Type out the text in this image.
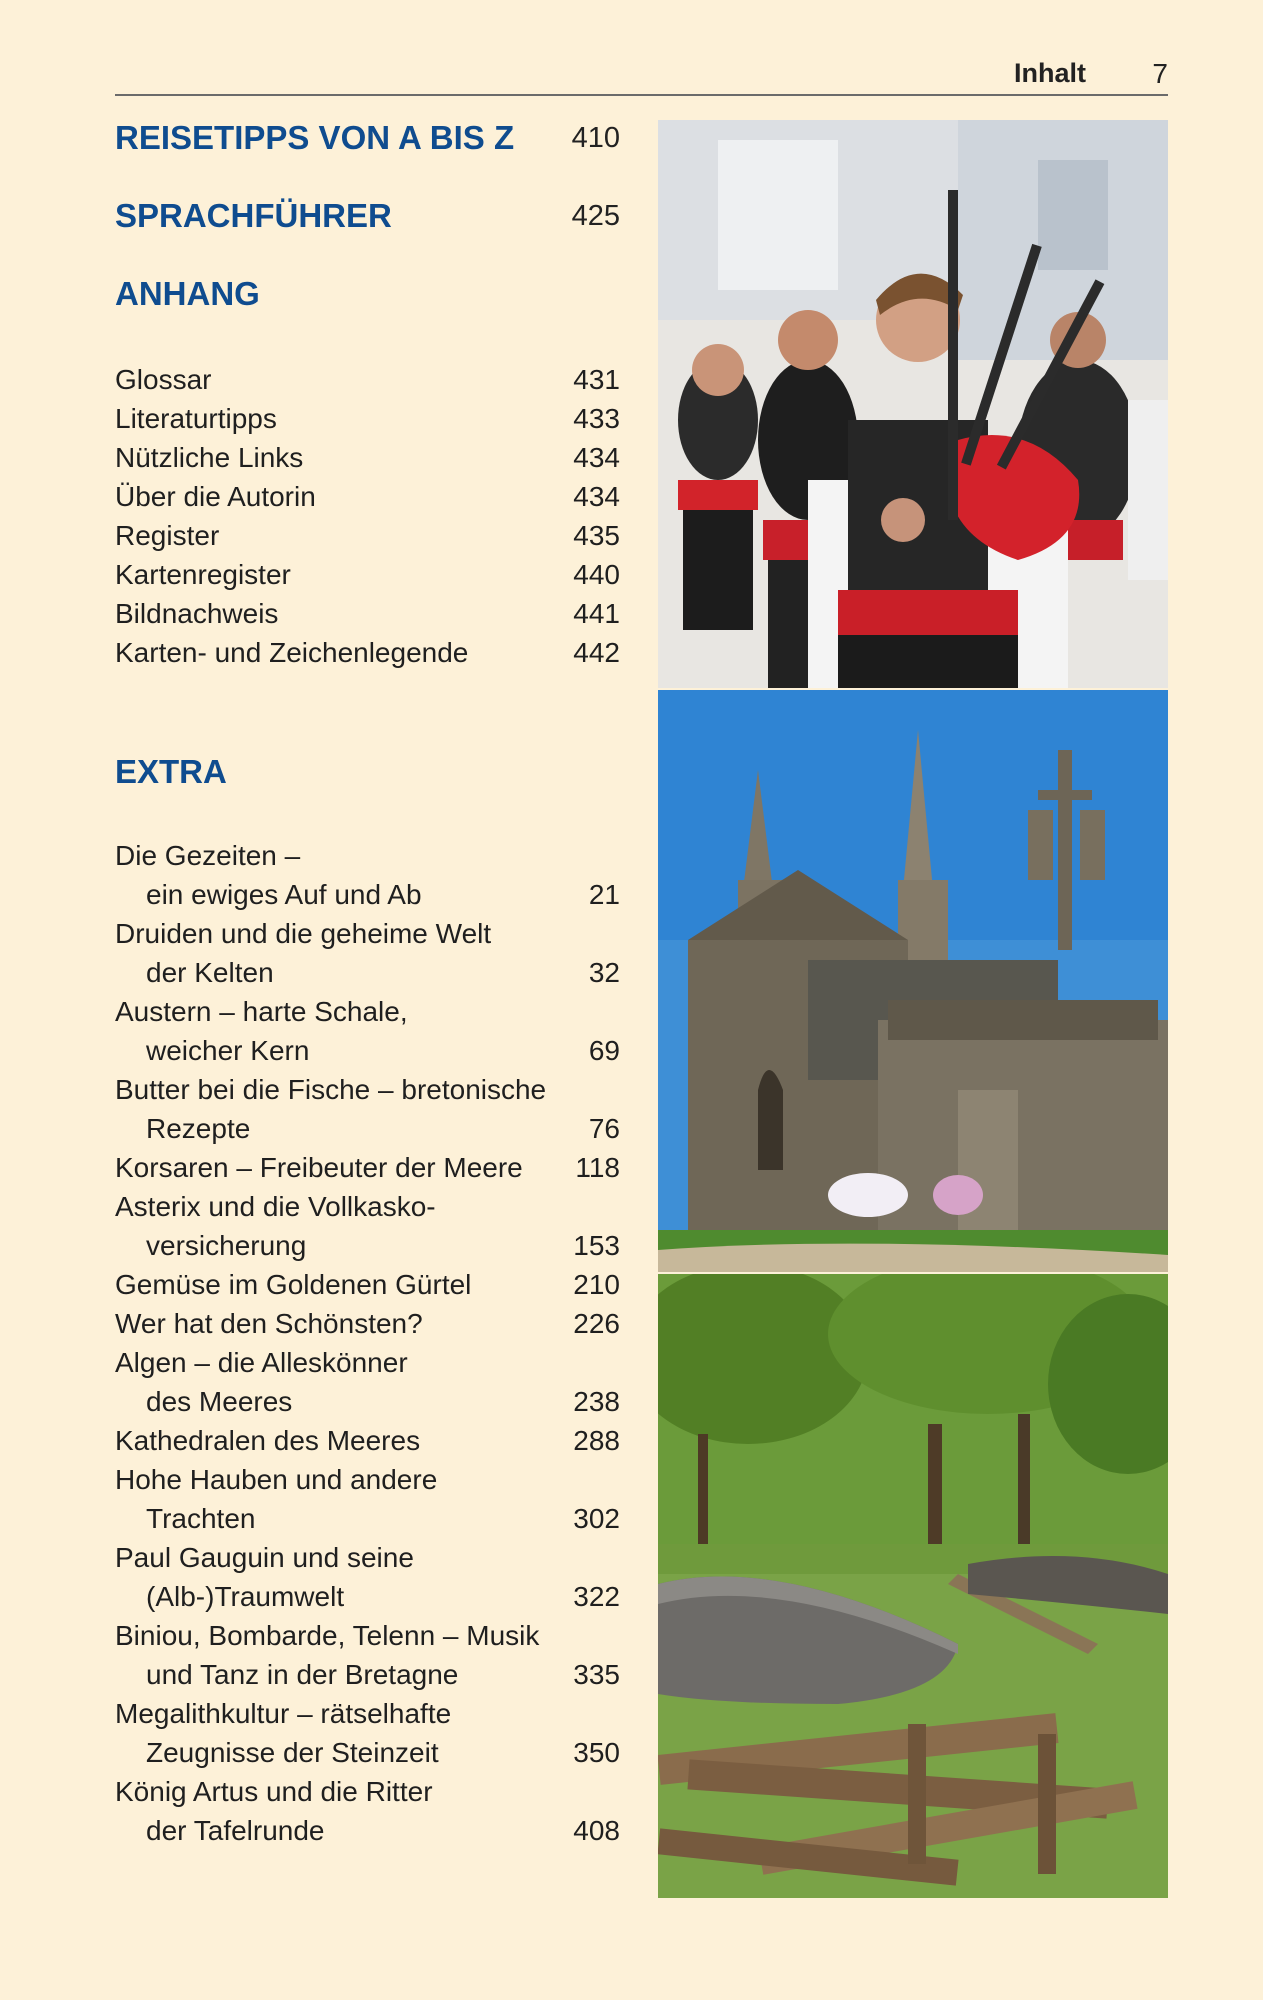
Inhalt 7
REISETIPPS VON A BIS Z 410
SPRACHFÜHRER	425
ANHANG
Glossar	431
Literaturtipps	433
Nützliche Links	434
Über die Autorin	434
Register	435
Kartenregister	440
Bildnachweis	441
Karten- und Zeichenlegende	442
EXTRA
Die Gezeiten –
ein ewiges Auf und Ab	21
Druiden und die geheime Welt
der Kelten	32
Austern – harte Schale,
weicher Kern	69
Butter bei die Fische – bretonische
Rezepte	76
Korsaren – Freibeuter der Meere 118
Asterix und die Vollkasko-
versicherung	153
Gemüse im Goldenen Gürtel	210
Wer hat den Schönsten?	226
Algen – die Alleskönner
des Meeres	238
Kathedralen des Meeres	288
Hohe Hauben und andere
Trachten	302
Paul Gauguin und seine
(Alb-)Traumwelt	322
Biniou, Bombarde, Telenn – Musik
und Tanz in der Bretagne	335
Megalithkultur – rätselhafte
Zeugnisse der Steinzeit	350
König Artus und die Ritter
der Tafelrunde	408
